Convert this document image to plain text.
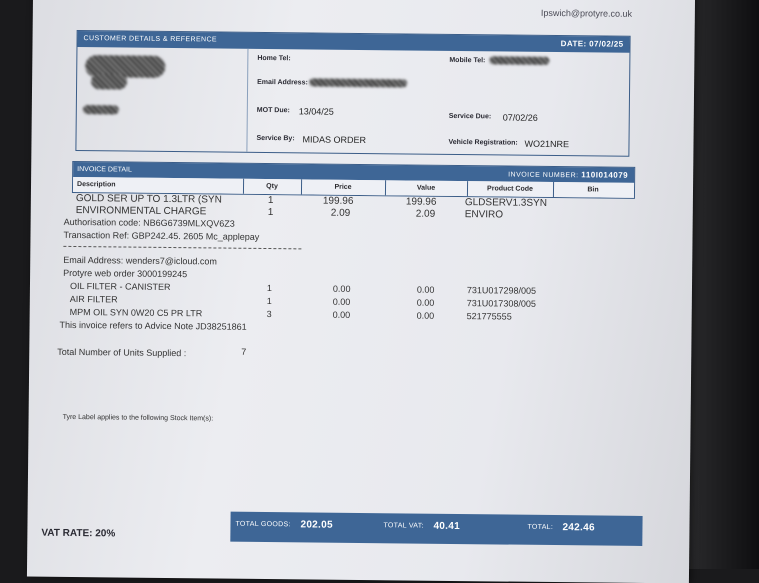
Ipswich@protyre.co.uk
CUSTOMER DETAILS & REFERENCE	DATE: 07/02/25
Home Tel:	Mobile Tel:
Email Address:
MOT Due: 13/04/25	Service Due: 07/02/26
Service By: MIDAS ORDER	Vehicle Registration: WO21NRE
INVOICE DETAIL
INVOICE NUMBER: 110I014079
Description	Qty	Price	Value	Product Code	Bin
GOLD SER UP TO 1.3LTR (SYN	1	199.96	199.96	GLDSERV1.3SYN
ENVIRONMENTAL CHARGE	1	2.09	2.09	ENVIRO
Authorisation code: NB6G6739MLXQV6Z3
Transaction Ref: GBP242.45. 2605 Mc_applepay
Email Address: wenders7@icloud.com
Protyre web order 3000199245
OIL FILTER - CANISTER	1	0.00	0.00	731U017298/005
AIR FILTER	1	0.00	0.00	731U017308/005
MPM OIL SYN 0W20 C5 PR LTR	3	0.00	0.00	521775555
This invoice refers to Advice Note JD38251861
Total Number of Units Supplied :	7
Tyre Label applies to the following Stock Item(s):
VAT RATE: 20%
TOTAL GOODS: 202.05	TOTAL VAT: 40.41	TOTAL: 242.46
